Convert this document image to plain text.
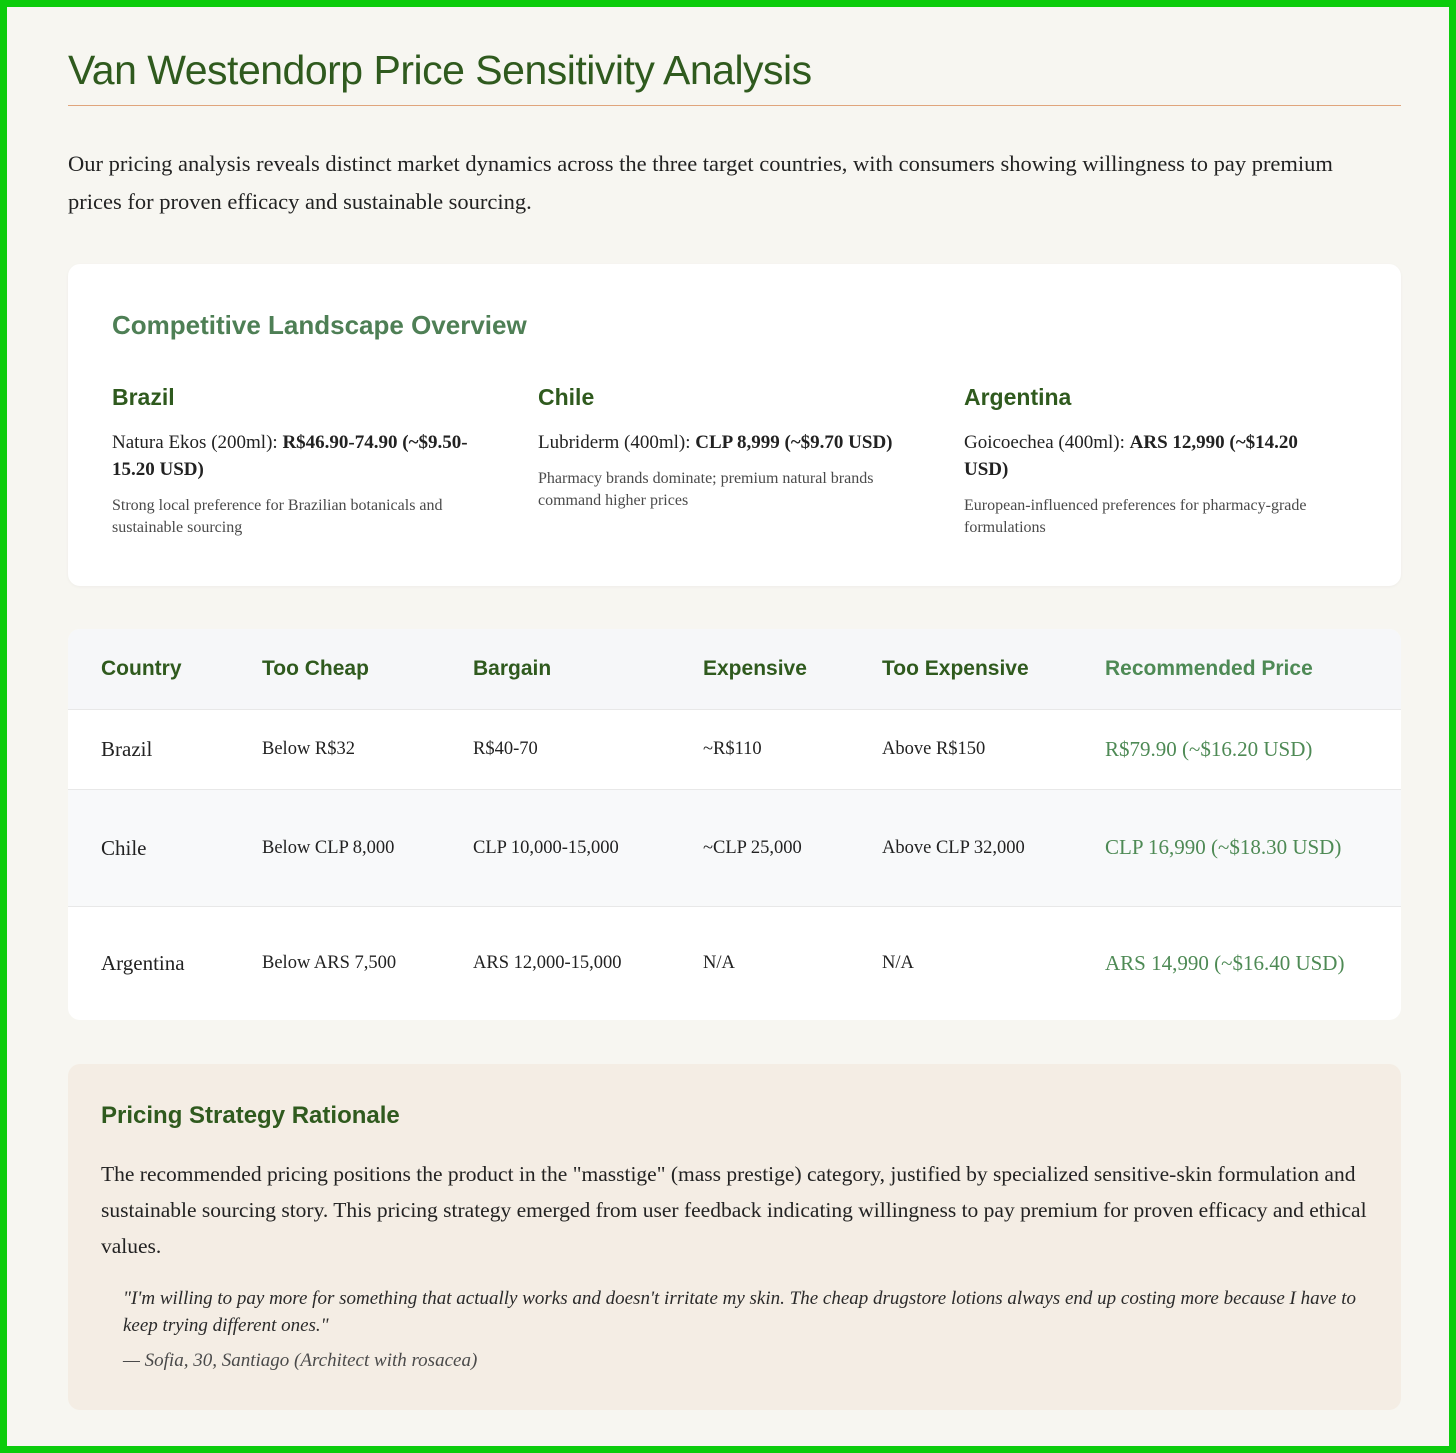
Van Westendorp Price Sensitivity Analysis

Our pricing analysis reveals distinct market dynamics across the three target countries, with consumers showing willingness to pay premium prices for proven efficacy and sustainable sourcing.

Competitive Landscape Overview
Brazil
Natura Ekos (200ml): R$46.90-74.90 (~$9.50-15.20 USD)
Strong local preference for Brazilian botanicals and sustainable sourcing
Chile
Lubriderm (400ml): CLP 8,999 (~$9.70 USD)
Pharmacy brands dominate; premium natural brands command higher prices
Argentina
Goicoechea (400ml): ARS 12,990 (~$14.20 USD)
European-influenced preferences for pharmacy-grade formulations
Country	Too Cheap	Bargain	Expensive	Too Expensive	Recommended Price
Brazil	Below R$32	R$40-70	~R$110	Above R$150	R$79.90 (~$16.20 USD)
Chile	Below CLP 8,000	CLP 10,000-15,000	~CLP 25,000	Above CLP 32,000	CLP 16,990 (~$18.30 USD)
Argentina	Below ARS 7,500	ARS 12,000-15,000	N/A	N/A	ARS 14,990 (~$16.40 USD)
Pricing Strategy Rationale

The recommended pricing positions the product in the "masstige" (mass prestige) category, justified by specialized sensitive-skin formulation and sustainable sourcing story. This pricing strategy emerged from user feedback indicating willingness to pay premium for proven efficacy and ethical values.

"I'm willing to pay more for something that actually works and doesn't irritate my skin. The cheap drugstore lotions always end up costing more because I have to keep trying different ones."
— Sofia, 30, Santiago (Architect with rosacea)
